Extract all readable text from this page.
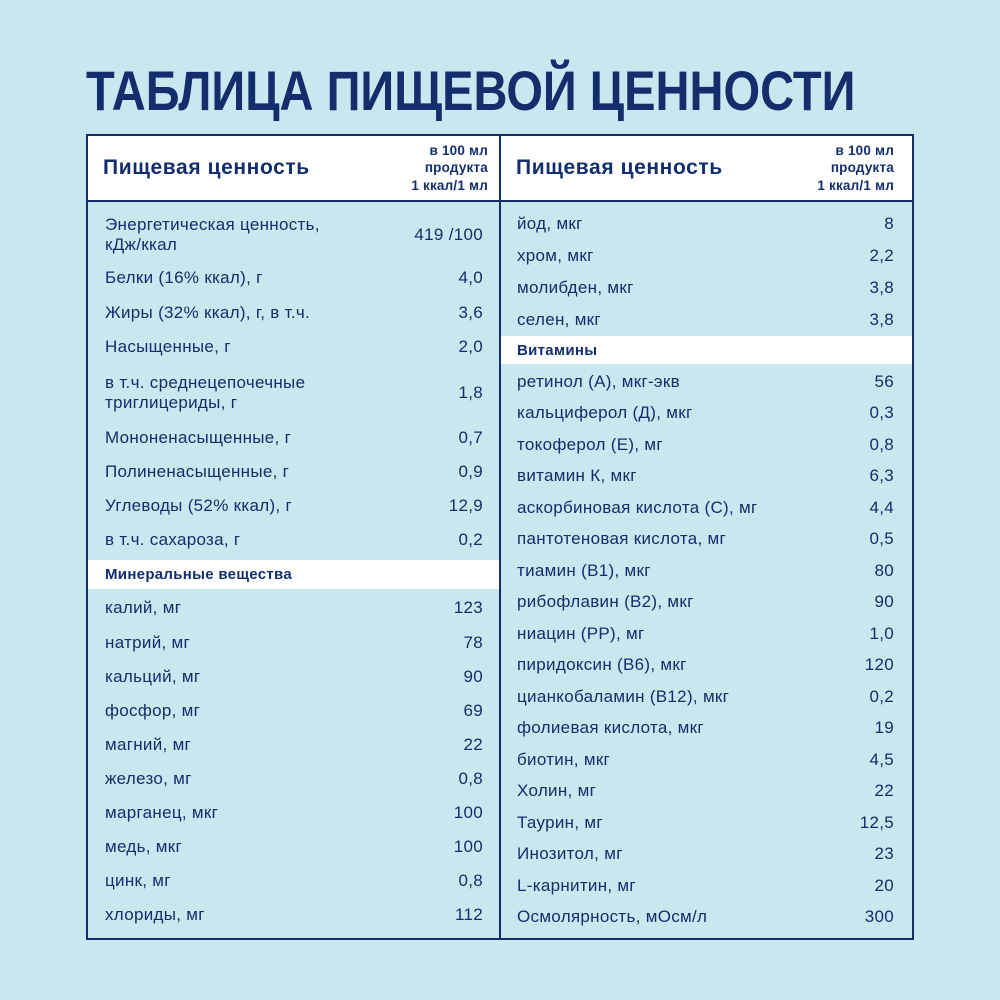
ТАБЛИЦА ПИЩЕВОЙ ЦЕННОСТИ
Пищевая ценность
в 100 мл
продукта
1 ккал/1 мл
Энергетическая ценность,
кДж/ккал
419 /100
Белки (16% ккал), г	4,0
Жиры (32% ккал), г, в т.ч.	3,6
Насыщенные, г	2,0
в т.ч. среднецепочечные
триглицериды, г
1,8
Мононенасыщенные, г	0,7
Полиненасыщенные, г	0,9
Углеводы (52% ккал), г	12,9
в т.ч. сахароза, г	0,2
Минеральные вещества
калий, мг	123
натрий, мг	78
кальций, мг	90
фосфор, мг	69
магний, мг	22
железо, мг	0,8
марганец, мкг	100
медь, мкг	100
цинк, мг	0,8
хлориды, мг	112
Пищевая ценность
в 100 мл
продукта
1 ккал/1 мл
йод, мкг	8
хром, мкг	2,2
молибден, мкг	3,8
селен, мкг	3,8
Витамины
ретинол (А), мкг-экв	56
кальциферол (Д), мкг	0,3
токоферол (Е), мг	0,8
витамин К, мкг	6,3
аскорбиновая кислота (С), мг	4,4
пантотеновая кислота, мг	0,5
тиамин (В1), мкг	80
рибофлавин (В2), мкг	90
ниацин (РР), мг	1,0
пиридоксин (В6), мкг	120
цианкобаламин (В12), мкг	0,2
фолиевая кислота, мкг	19
биотин, мкг	4,5
Холин, мг	22
Таурин, мг	12,5
Инозитол, мг	23
L-карнитин, мг	20
Осмолярность, мОсм/л	300
